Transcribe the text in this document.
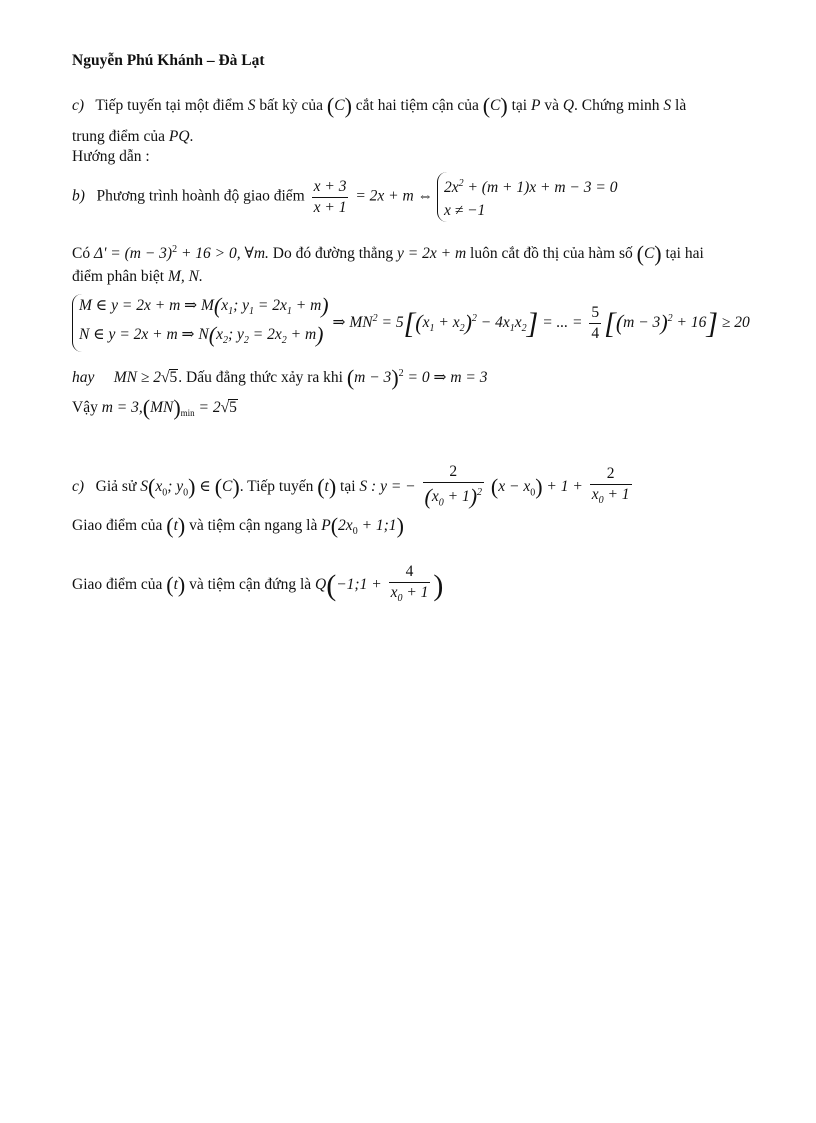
Nguyễn Phú Khánh – Đà Lạt
c) Tiếp tuyến tại một điểm S bất kỳ của (C) cắt hai tiệm cận của (C) tại P và Q. Chứng minh S là
trung điểm của PQ.
Hướng dẫn :
b) Phương trình hoành độ giao điểm $\frac{x + 3}{x + 1} = 2x + m$ ⇔ $2x^2 + (m + 1)x + m - 3 = 0$
x ≠ −1
Có $\Delta' = (m - 3)^2 + 16 > 0$, ∀m. Do đó đường thẳng y = 2x + m luôn cắt đồ thị của hàm số (C) tại hai
điểm phân biệt M, N.
M ∈ y = 2x + m ⇒ $M(x_1$; $y_1 = 2x_1 + m$)
N ∈ y = 2x + m ⇒ $N(x_2$; $y_2 = 2x_2 + m$) ⇒ $MN^2 = 5[(x_1 + x_2)^2 - 4x_1x_2]$ = ... = $\frac{5}{4} [(m - 3)^2 + 16] \ge 20$
hay MN ≥ 2√5. Dấu đẳng thức xảy ra khi $(m - 3)^2 = 0$ ⇒ m = 3
Vậy $m = 3,(MN)_{min} = 2√5$
c) Giả sử $S(x_0$; $y_0$) ∈ (C). Tiếp tuyến (t) tại S : y = − $\frac{2}{(x_0 + 1)^2} (x - x_0) + 1 + \frac{2}{x_0 + 1}$
Giao điểm của (t) và tiệm cận ngang là $P(2x_0$ + 1;1)
Giao điểm của (t) và tiệm cận đứng là Q(−1;1 + $\frac{4}{x_0 + 1}$ )
